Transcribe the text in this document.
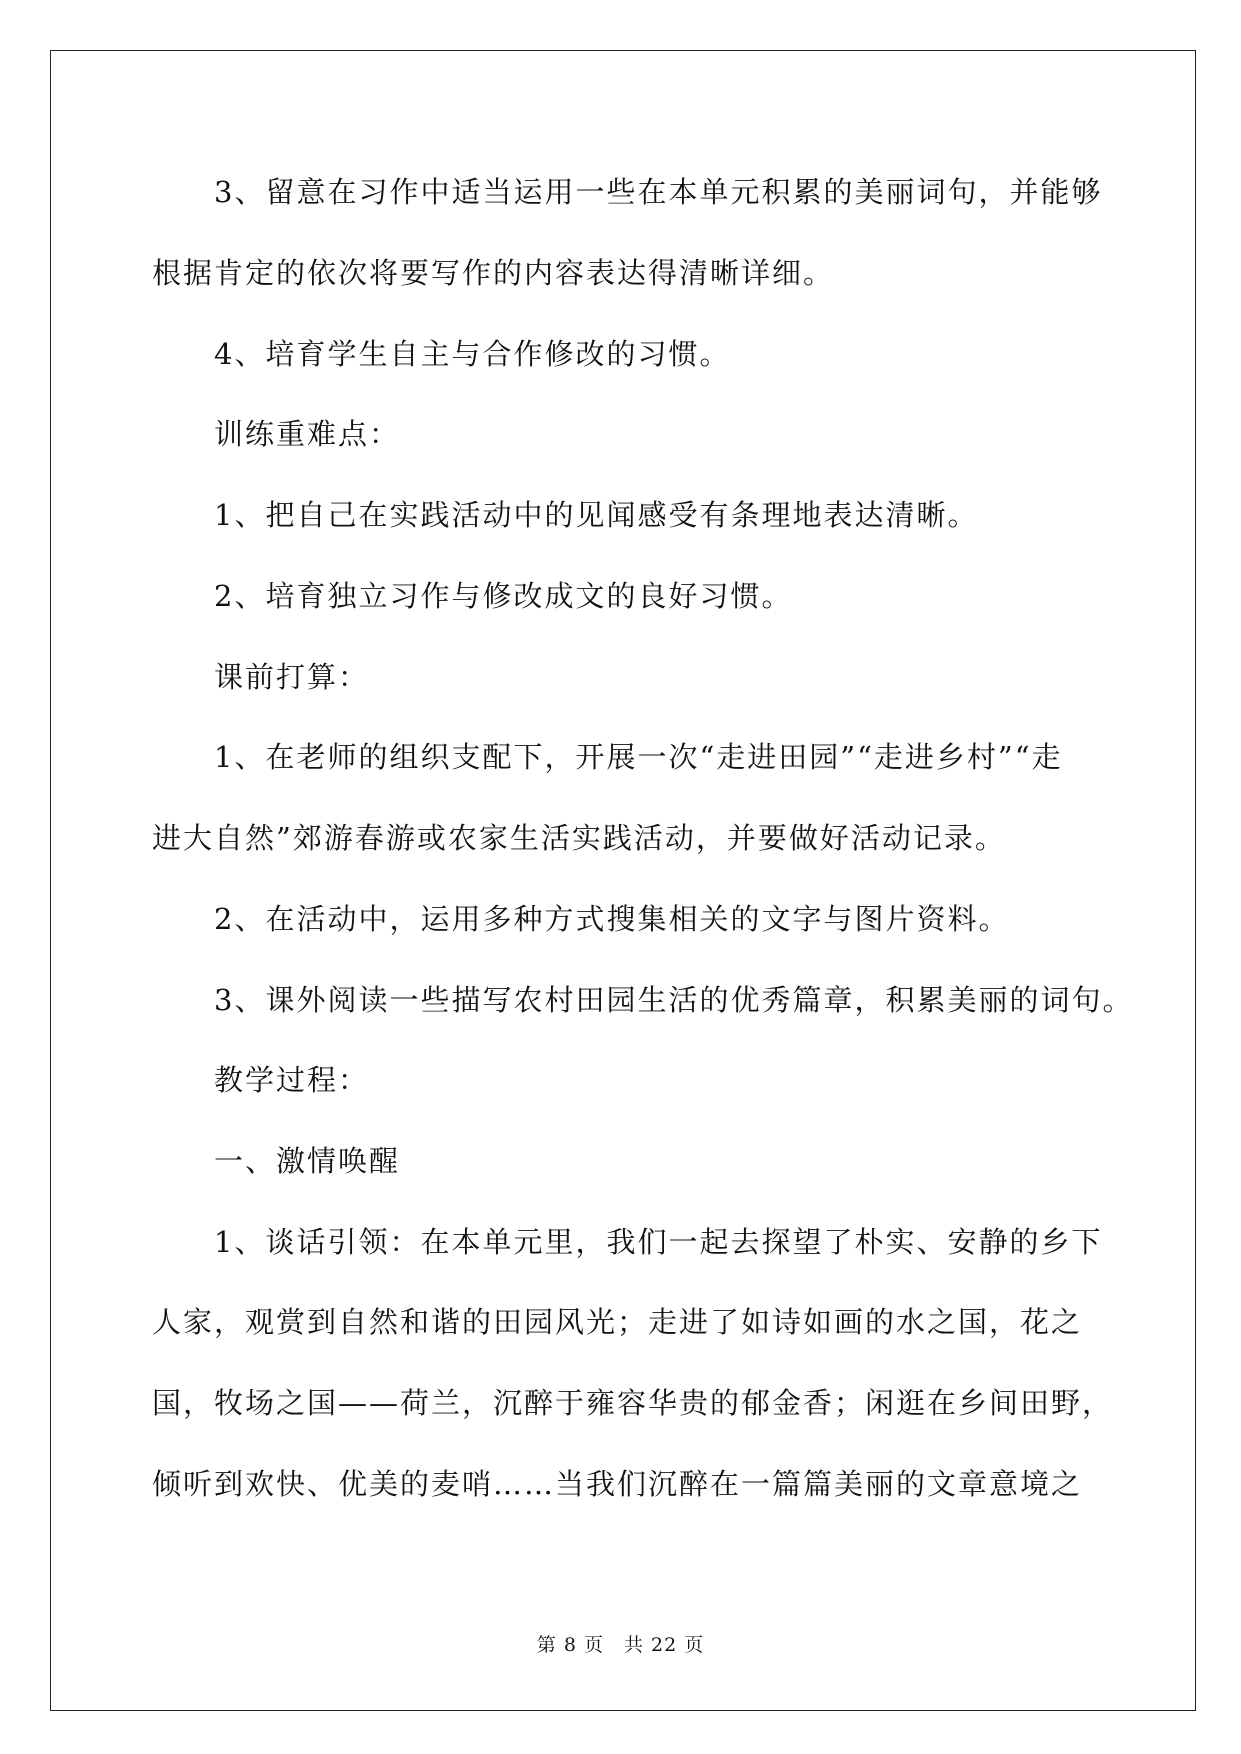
3、留意在习作中适当运用一些在本单元积累的美丽词句，并能够
根据肯定的依次将要写作的内容表达得清晰详细。
4、培育学生自主与合作修改的习惯。
训练重难点：
1、把自己在实践活动中的见闻感受有条理地表达清晰。
2、培育独立习作与修改成文的良好习惯。
课前打算：
1、在老师的组织支配下，开展一次“走进田园”“走进乡村”“走
进大自然”郊游春游或农家生活实践活动，并要做好活动记录。
2、在活动中，运用多种方式搜集相关的文字与图片资料。
3、课外阅读一些描写农村田园生活的优秀篇章，积累美丽的词句。
教学过程：
一、激情唤醒
1、谈话引领：在本单元里，我们一起去探望了朴实、安静的乡下
人家，观赏到自然和谐的田园风光；走进了如诗如画的水之国，花之
国，牧场之国——荷兰，沉醉于雍容华贵的郁金香；闲逛在乡间田野，
倾听到欢快、优美的麦哨……当我们沉醉在一篇篇美丽的文章意境之
第 8 页　共 22 页
